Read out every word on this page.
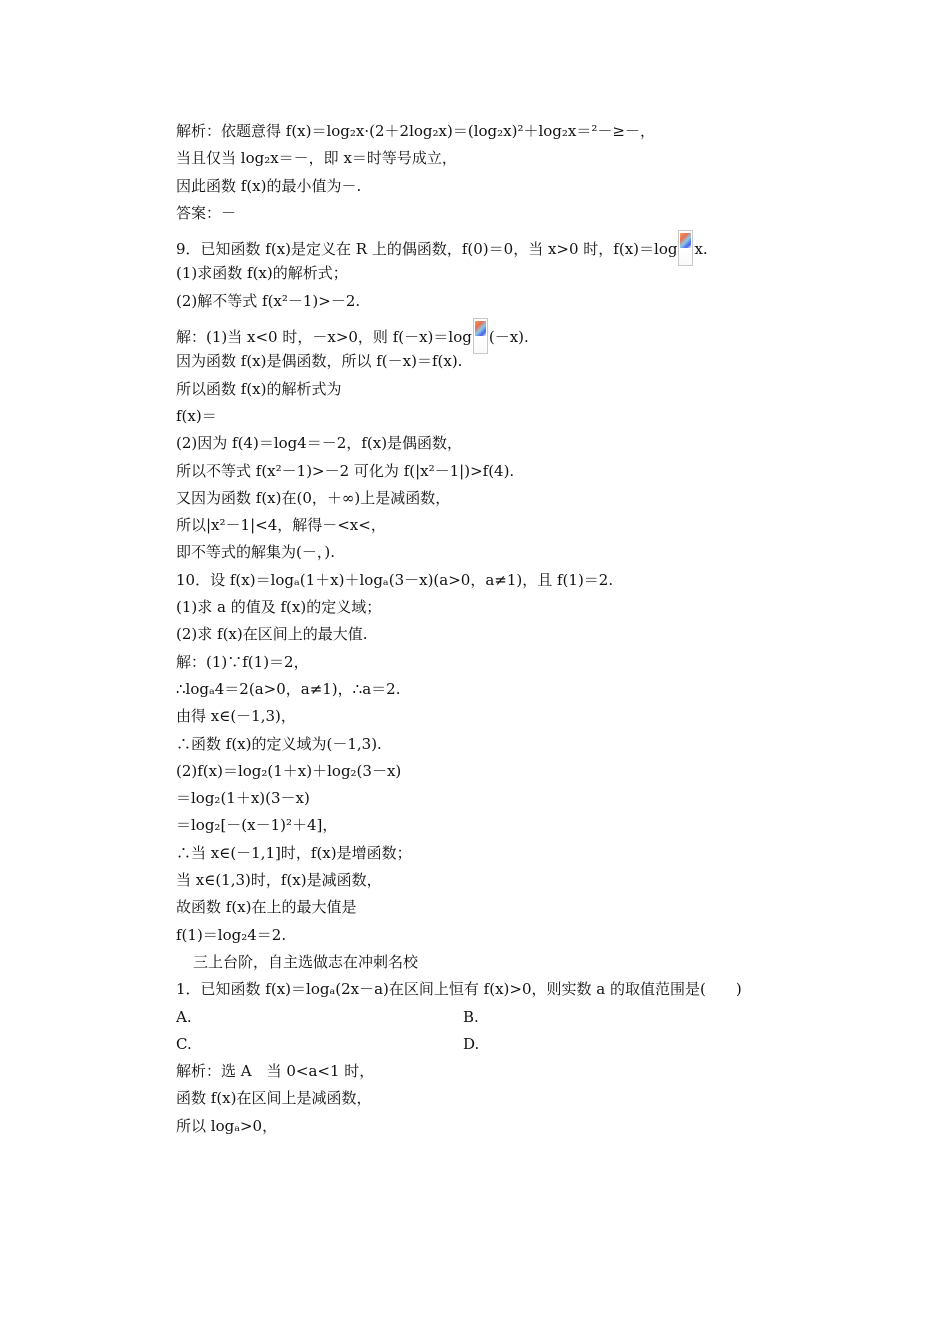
解析：依题意得 f(x)＝log₂x·(2＋2log₂x)＝(log₂x)²＋log₂x＝²－≥－，
当且仅当 log₂x＝－，即 x＝时等号成立，
因此函数 f(x)的最小值为－.
答案：－
9．已知函数 f(x)是定义在 R 上的偶函数，f(0)＝0，当 x>0 时，f(x)＝log x.
(1)求函数 f(x)的解析式；
(2)解不等式 f(x²－1)>－2.
解：(1)当 x<0 时，－x>0，则 f(－x)＝log (－x).
因为函数 f(x)是偶函数，所以 f(－x)＝f(x).
所以函数 f(x)的解析式为
f(x)＝
(2)因为 f(4)＝log4＝－2，f(x)是偶函数，
所以不等式 f(x²－1)>－2 可化为 f(|x²－1|)>f(4).
又因为函数 f(x)在(0，＋∞)上是减函数，
所以|x²－1|<4，解得－<x<，
即不等式的解集为(－，).
10．设 f(x)＝logₐ(1＋x)＋logₐ(3－x)(a>0，a≠1)，且 f(1)＝2.
(1)求 a 的值及 f(x)的定义域；
(2)求 f(x)在区间上的最大值.
解：(1)∵f(1)＝2，
∴logₐ4＝2(a>0，a≠1)，∴a＝2.
由得 x∈(－1,3)，
∴函数 f(x)的定义域为(－1,3).
(2)f(x)＝log₂(1＋x)＋log₂(3－x)
＝log₂(1＋x)(3－x)
＝log₂[－(x－1)²＋4]，
∴当 x∈(－1,1]时，f(x)是增函数；
当 x∈(1,3)时，f(x)是减函数，
故函数 f(x)在上的最大值是
f(1)＝log₂4＝2.
三上台阶，自主选做志在冲刺名校
1．已知函数 f(x)＝logₐ(2x－a)在区间上恒有 f(x)>0，则实数 a 的取值范围是(　　)
A.	B.
C.	D.
解析：选 A　当 0<a<1 时，
函数 f(x)在区间上是减函数，
所以 logₐ>0，
